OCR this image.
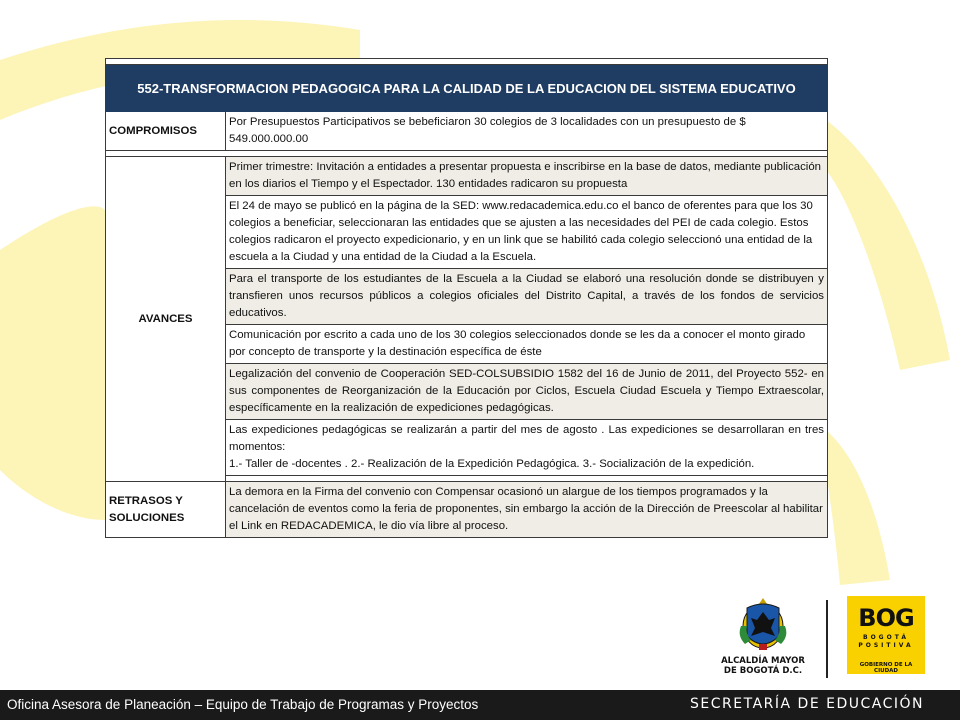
552-TRANSFORMACION PEDAGOGICA PARA LA CALIDAD DE LA EDUCACION DEL SISTEMA EDUCATIVO	
COMPROMISOS	Por Presupuestos Participativos se bebeficiaron 30 colegios de 3 localidades con un presupuesto de $ 549.000.000.00

AVANCES	Primer trimestre: Invitación a entidades a presentar propuesta e inscribirse en la base de datos, mediante publicación en los diarios el Tiempo y el Espectador. 130 entidades radicaron su propuesta
	El 24 de mayo se publicó en la página de la SED: www.redacademica.edu.co el banco de oferentes para que los 30 colegios a beneficiar, seleccionaran las entidades que se ajusten a las necesidades del PEI de cada colegio. Estos colegios radicaron el proyecto expedicionario, y en un link que se habilitó cada colegio seleccionó una entidad de la escuela a la Ciudad y una entidad de la Ciudad a la Escuela.
	Para el transporte de los estudiantes de la Escuela a la Ciudad se elaboró una resolución donde se distribuyen y transfieren unos recursos públicos a colegios oficiales del Distrito Capital, a través de los fondos de servicios educativos.
	Comunicación por escrito a cada uno de los 30 colegios seleccionados donde se les da a conocer el monto girado por concepto de transporte y la destinación específica de éste
	Legalización del convenio de Cooperación SED-COLSUBSIDIO 1582 del 16 de Junio de 2011, del Proyecto 552- en sus componentes de Reorganización de la Educación por Ciclos, Escuela Ciudad Escuela y Tiempo Extraescolar, específicamente en la realización de expediciones pedagógicas.
	Las expediciones pedagógicas se realizarán a partir del mes de agosto . Las expediciones se desarrollaran en tres momentos:
1.- Taller de -docentes . 2.- Realización de la Expedición Pedagógica. 3.- Socialización de la expedición.

RETRASOS Y
SOLUCIONES	La demora en la Firma del convenio con Compensar ocasionó un alargue de los tiempos programados y la cancelación de eventos como la feria de proponentes, sin embargo la acción de la Dirección de Preescolar al habilitar el Link en REDACADEMICA, le dio vía libre al proceso.
ALCALDÍA MAYOR
DE BOGOTÁ D.C.
BOG
BOGOTÁ
POSITIVA
GOBIERNO DE LA CIUDAD
Oficina Asesora de Planeación – Equipo de Trabajo de Programas y Proyectos	SECRETARÍA DE EDUCACIÓN
